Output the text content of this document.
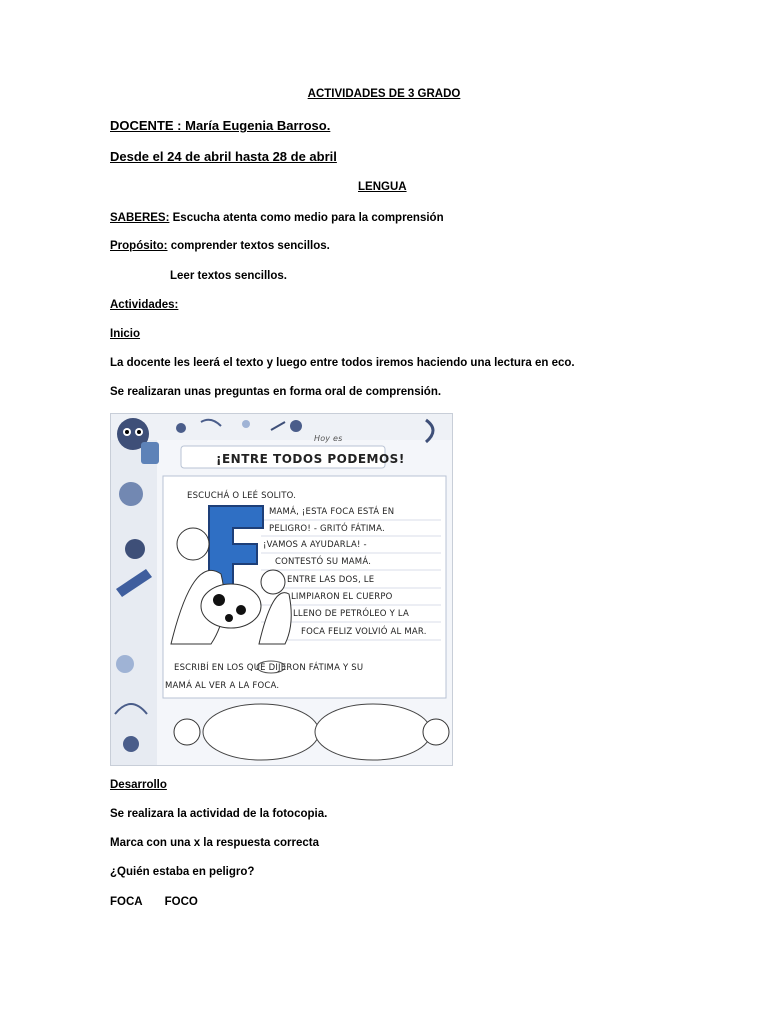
ACTIVIDADES DE 3 GRADO
DOCENTE : María Eugenia Barroso.
Desde el 24 de abril hasta 28 de abril
LENGUA
SABERES: Escucha atenta como medio para la comprensión
Propósito: comprender textos sencillos.
Leer textos sencillos.
Actividades:
Inicio
La docente les leerá el texto y luego entre todos iremos haciendo una lectura en eco.
Se realizaran unas preguntas en forma oral de comprensión.
Hoy es
¡ENTRE TODOS PODEMOS!
ESCUCHÁ O LEÉ SOLITO.
MAMÁ, ¡ESTA FOCA ESTÁ EN
PELIGRO! - GRITÓ FÁTIMA.
¡VAMOS A AYUDARLA! -
CONTESTÓ SU MAMÁ.
ENTRE LAS DOS, LE
LIMPIARON EL CUERPO
LLENO DE PETRÓLEO Y LA
FOCA FELIZ VOLVIÓ AL MAR.
ESCRIBÍ EN LOS QUÉ DIJERON FÁTIMA Y SU
MAMÁ AL VER A LA FOCA.
Desarrollo
Se realizara la actividad de la fotocopia.
Marca con una x la respuesta correcta
¿Quién estaba en peligro?
FOCA FOCO
